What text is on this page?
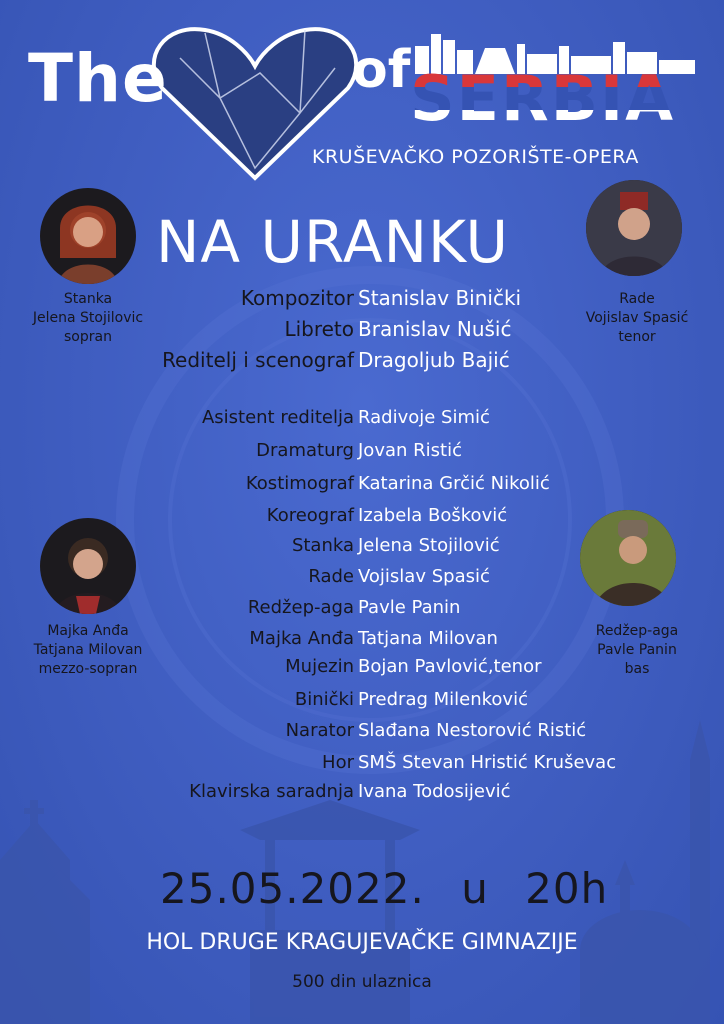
The	of SERBIA
KRUŠEVAČKO POZORIŠTE-OPERA
NA URANKU
Stanka
Jelena Stojilovic
sopran
Rade
Vojislav Spasić
tenor
Majka Anđa
Tatjana Milovan
mezzo-sopran
Redžep-aga
Pavle Panin
bas
Kompozitor Stanislav Binički
Libreto Branislav Nušić
Reditelj i scenograf Dragoljub Bajić
Asistent reditelja Radivoje Simić
Dramaturg Jovan Ristić
Kostimograf Katarina Grčić Nikolić
Koreograf Izabela Bošković
Stanka Jelena Stojilović
Rade Vojislav Spasić
Redžep-aga Pavle Panin
Majka Anđa Tatjana Milovan
Mujezin Bojan Pavlović,tenor
Binički Predrag Milenković
Narator Slađana Nestorović Ristić
Hor SMŠ Stevan Hristić Kruševac
Klavirska saradnja Ivana Todosijević
25.05.2022. u 20h
HOL DRUGE KRAGUJEVAČKE GIMNAZIJE
500 din ulaznica
